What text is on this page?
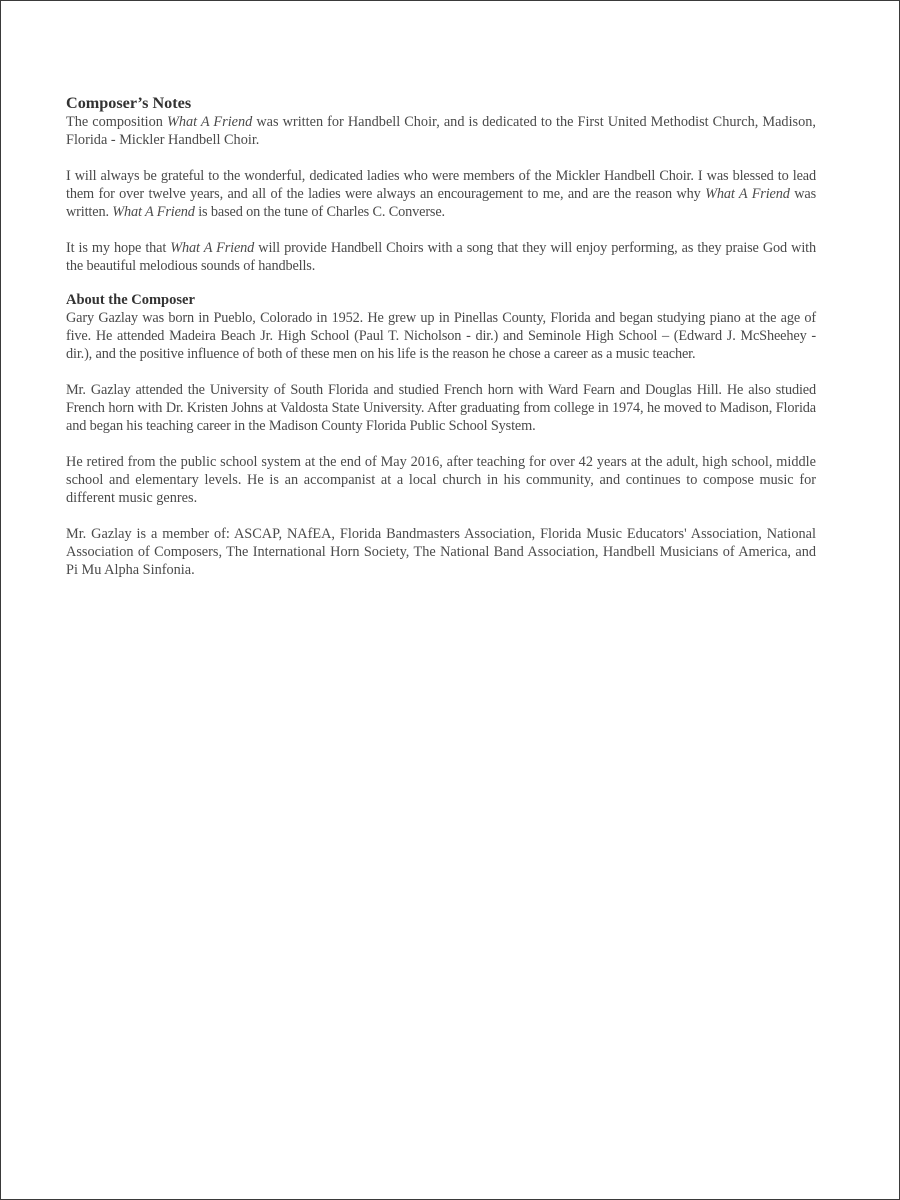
Composer’s Notes

The composition What A Friend was written for Handbell Choir, and is dedicated to the First United Methodist Church, Madison, Florida - Mickler Handbell Choir.

I will always be grateful to the wonderful, dedicated ladies who were members of the Mickler Handbell Choir. I was blessed to lead them for over twelve years, and all of the ladies were always an encouragement to me, and are the reason why What A Friend was written. What A Friend is based on the tune of Charles C. Converse.

It is my hope that What A Friend will provide Handbell Choirs with a song that they will enjoy performing, as they praise God with the beautiful melodious sounds of handbells.

About the Composer

Gary Gazlay was born in Pueblo, Colorado in 1952. He grew up in Pinellas County, Florida and began studying piano at the age of five. He attended Madeira Beach Jr. High School (Paul T. Nicholson - dir.) and Seminole High School – (Edward J. McSheehey - dir.), and the positive influence of both of these men on his life is the reason he chose a career as a music teacher.

Mr. Gazlay attended the University of South Florida and studied French horn with Ward Fearn and Douglas Hill. He also studied French horn with Dr. Kristen Johns at Valdosta State University. After graduating from college in 1974, he moved to Madison, Florida and began his teaching career in the Madison County Florida Public School System.

He retired from the public school system at the end of May 2016, after teaching for over 42 years at the adult, high school, middle school and elementary levels. He is an accompanist at a local church in his community, and continues to compose music for different music genres.

Mr. Gazlay is a member of: ASCAP, NAfEA, Florida Bandmasters Association, Florida Music Educators' Association, National Association of Composers, The International Horn Society, The National Band Association, Handbell Musicians of America, and Pi Mu Alpha Sinfonia.
